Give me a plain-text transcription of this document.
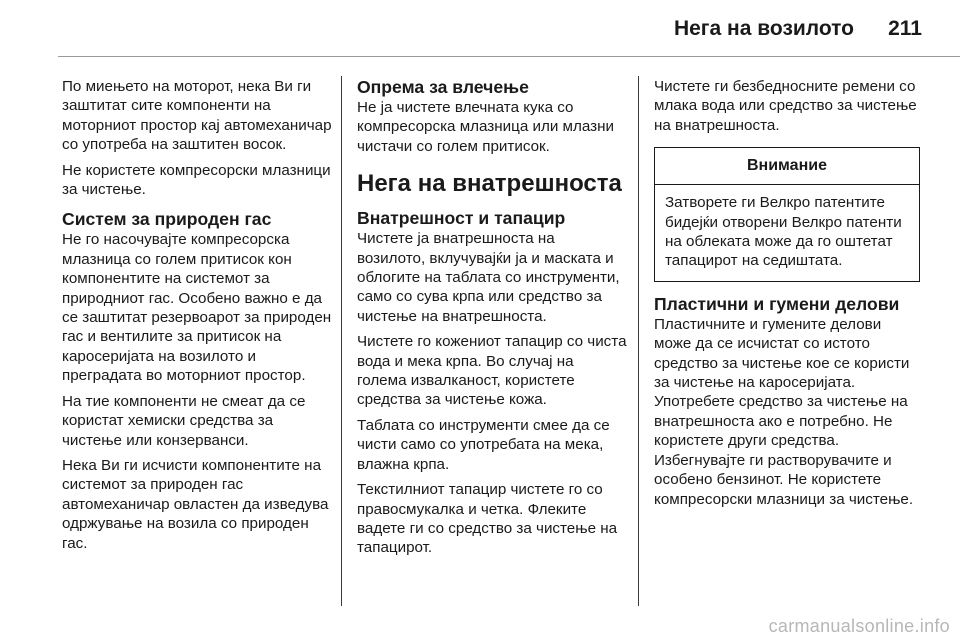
Нега на возилото 211

По миењето на моторот, нека Ви ги заштитат сите компоненти на моторниот простор кај автомеханичар со употреба на заштитен восок.

Не користете компресорски млазници за чистење.

Систем за природен гас

Не го насочувајте компресорска млазница со голем притисок кон компонентите на системот за природниот гас. Особено важно е да се заштитат резервоарот за природен гас и вентилите за притисок на каросеријата на возилото и преградата во моторниот простор.

На тие компоненти не смеат да се користат хемиски средства за чистење или конзерванси.

Нека Ви ги исчисти компонентите на системот за природен гас автомеханичар овластен да изведува одржување на возила со природен гас.

Опрема за влечење

Не ја чистете влечната кука со компресорска млазница или млазни чистачи со голем притисок.

Нега на внатрешноста
Внатрешност и тапацир

Чистете ја внатрешноста на возилото, вклучувајќи ја и маската и облогите на таблата со инструменти, само со сува крпа или средство за чистење на внатрешноста.

Чистете го кожениот тапацир со чиста вода и мека крпа. Во случај на голема извалканост, користете средства за чистење кожа.

Таблата со инструменти смее да се чисти само со употребата на мека, влажна крпа.

Текстилниот тапацир чистете го со правосмукалка и четка. Флеките вадете ги со средство за чистење на тапацирот.

Чистете ги безбедносните ремени со млака вода или средство за чистење на внатрешноста.

Внимание
Затворете ги Велкро патентите бидејќи отворени Велкро патенти на облеката може да го оштетат тапацирот на седиштата.
Пластични и гумени делови

Пластичните и гумените делови може да се исчистат со истото средство за чистење кое се користи за чистење на каросеријата. Употребете средство за чистење на внатрешноста ако е потребно. Не користете други средства. Избегнувајте ги растворувачите и особено бензинот. Не користете компресорски млазници за чистење.

carmanualsonline.info
